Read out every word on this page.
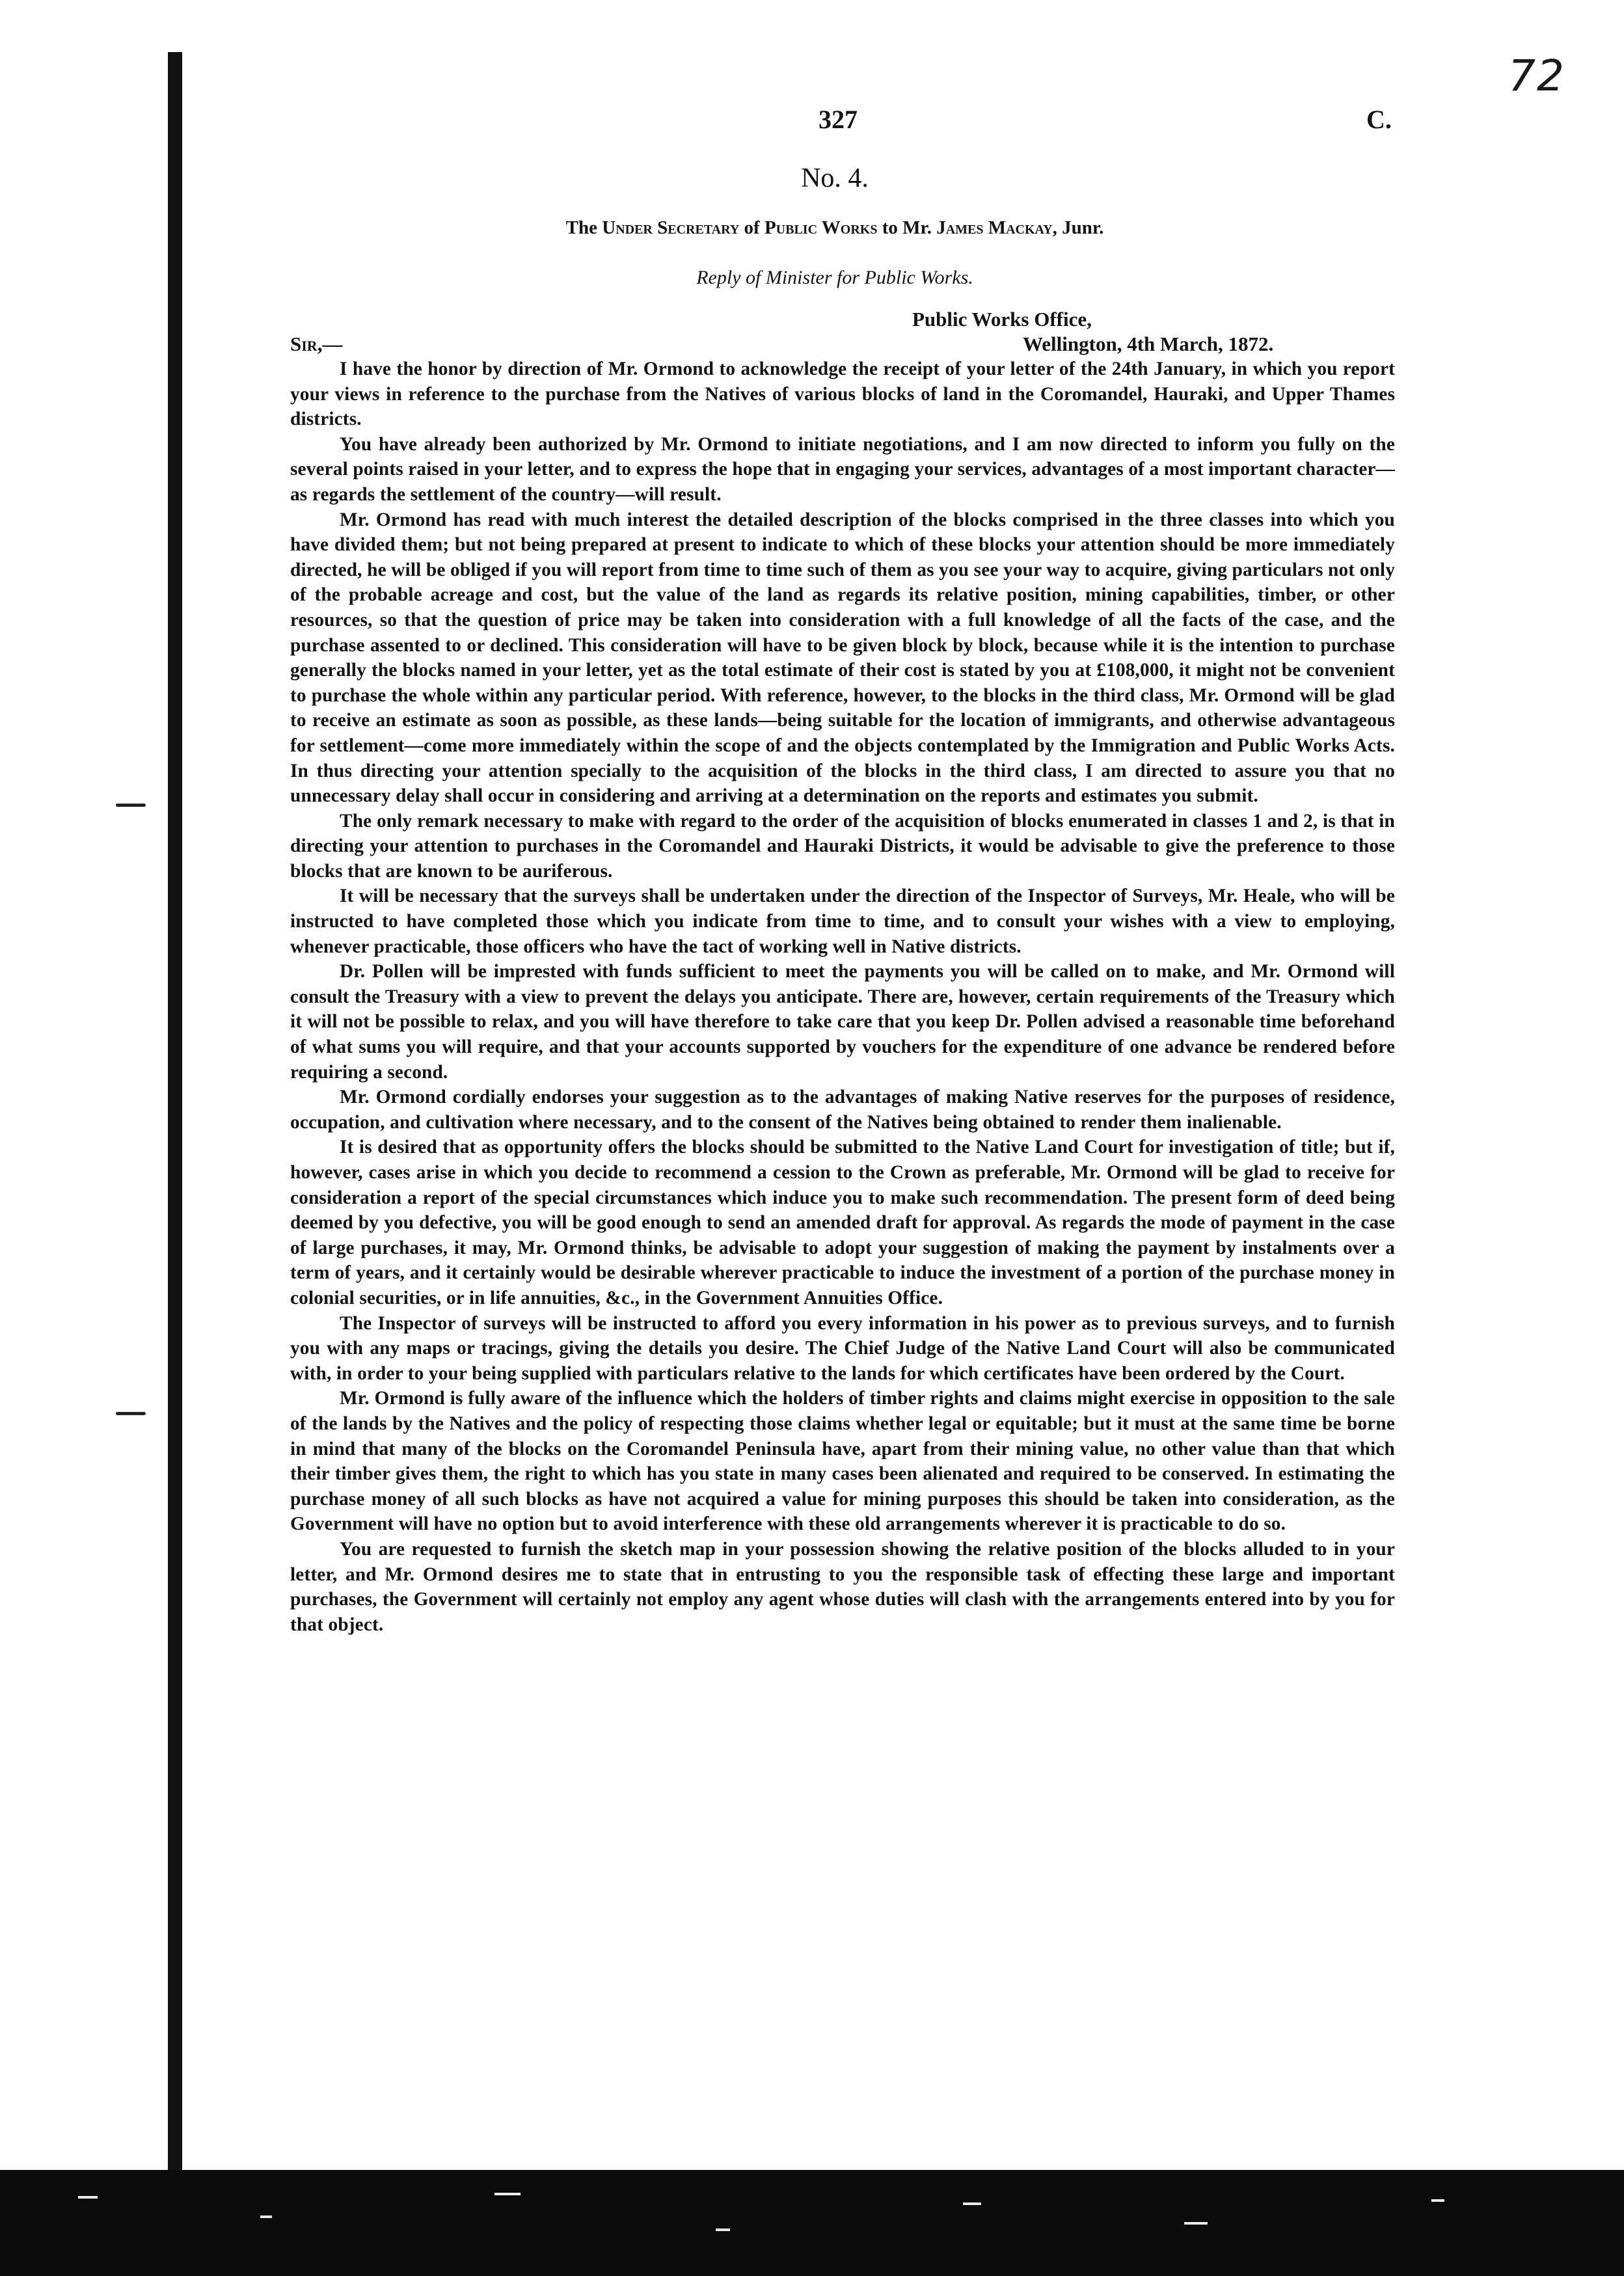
72
327	C.
No. 4.
The Under Secretary of Public Works to Mr. James Mackay, Junr.
Reply of Minister for Public Works.
Public Works Office,
Sir,—	Wellington, 4th March, 1872.

I have the honor by direction of Mr. Ormond to acknowledge the receipt of your letter of the 24th January, in which you report your views in reference to the purchase from the Natives of various blocks of land in the Coromandel, Hauraki, and Upper Thames districts.

You have already been authorized by Mr. Ormond to initiate negotiations, and I am now directed to inform you fully on the several points raised in your letter, and to express the hope that in engaging your services, advantages of a most important character—as regards the settlement of the country—will result.

Mr. Ormond has read with much interest the detailed description of the blocks comprised in the three classes into which you have divided them; but not being prepared at present to indicate to which of these blocks your attention should be more immediately directed, he will be obliged if you will report from time to time such of them as you see your way to acquire, giving particulars not only of the probable acreage and cost, but the value of the land as regards its relative position, mining capabilities, timber, or other resources, so that the question of price may be taken into consideration with a full knowledge of all the facts of the case, and the purchase assented to or declined. This consideration will have to be given block by block, because while it is the intention to purchase generally the blocks named in your letter, yet as the total estimate of their cost is stated by you at £108,000, it might not be convenient to purchase the whole within any particular period. With reference, however, to the blocks in the third class, Mr. Ormond will be glad to receive an estimate as soon as possible, as these lands—being suitable for the location of immigrants, and otherwise advantageous for settlement—come more immediately within the scope of and the objects contemplated by the Immigration and Public Works Acts. In thus directing your attention specially to the acquisition of the blocks in the third class, I am directed to assure you that no unnecessary delay shall occur in considering and arriving at a determination on the reports and estimates you submit.

The only remark necessary to make with regard to the order of the acquisition of blocks enumerated in classes 1 and 2, is that in directing your attention to purchases in the Coromandel and Hauraki Districts, it would be advisable to give the preference to those blocks that are known to be auriferous.

It will be necessary that the surveys shall be undertaken under the direction of the Inspector of Surveys, Mr. Heale, who will be instructed to have completed those which you indicate from time to time, and to consult your wishes with a view to employing, whenever practicable, those officers who have the tact of working well in Native districts.

Dr. Pollen will be imprested with funds sufficient to meet the payments you will be called on to make, and Mr. Ormond will consult the Treasury with a view to prevent the delays you anticipate. There are, however, certain requirements of the Treasury which it will not be possible to relax, and you will have therefore to take care that you keep Dr. Pollen advised a reasonable time beforehand of what sums you will require, and that your accounts supported by vouchers for the expenditure of one advance be rendered before requiring a second.

Mr. Ormond cordially endorses your suggestion as to the advantages of making Native reserves for the purposes of residence, occupation, and cultivation where necessary, and to the consent of the Natives being obtained to render them inalienable.

It is desired that as opportunity offers the blocks should be submitted to the Native Land Court for investigation of title; but if, however, cases arise in which you decide to recommend a cession to the Crown as preferable, Mr. Ormond will be glad to receive for consideration a report of the special circumstances which induce you to make such recommendation. The present form of deed being deemed by you defective, you will be good enough to send an amended draft for approval. As regards the mode of payment in the case of large purchases, it may, Mr. Ormond thinks, be advisable to adopt your suggestion of making the payment by instalments over a term of years, and it certainly would be desirable wherever practicable to induce the investment of a portion of the purchase money in colonial securities, or in life annuities, &c., in the Government Annuities Office.

The Inspector of surveys will be instructed to afford you every information in his power as to previous surveys, and to furnish you with any maps or tracings, giving the details you desire. The Chief Judge of the Native Land Court will also be communicated with, in order to your being supplied with particulars relative to the lands for which certificates have been ordered by the Court.

Mr. Ormond is fully aware of the influence which the holders of timber rights and claims might exercise in opposition to the sale of the lands by the Natives and the policy of respecting those claims whether legal or equitable; but it must at the same time be borne in mind that many of the blocks on the Coromandel Peninsula have, apart from their mining value, no other value than that which their timber gives them, the right to which has you state in many cases been alienated and required to be conserved. In estimating the purchase money of all such blocks as have not acquired a value for mining purposes this should be taken into consideration, as the Government will have no option but to avoid interference with these old arrangements wherever it is practicable to do so.

You are requested to furnish the sketch map in your possession showing the relative position of the blocks alluded to in your letter, and Mr. Ormond desires me to state that in entrusting to you the responsible task of effecting these large and important purchases, the Government will certainly not employ any agent whose duties will clash with the arrangements entered into by you for that object.
